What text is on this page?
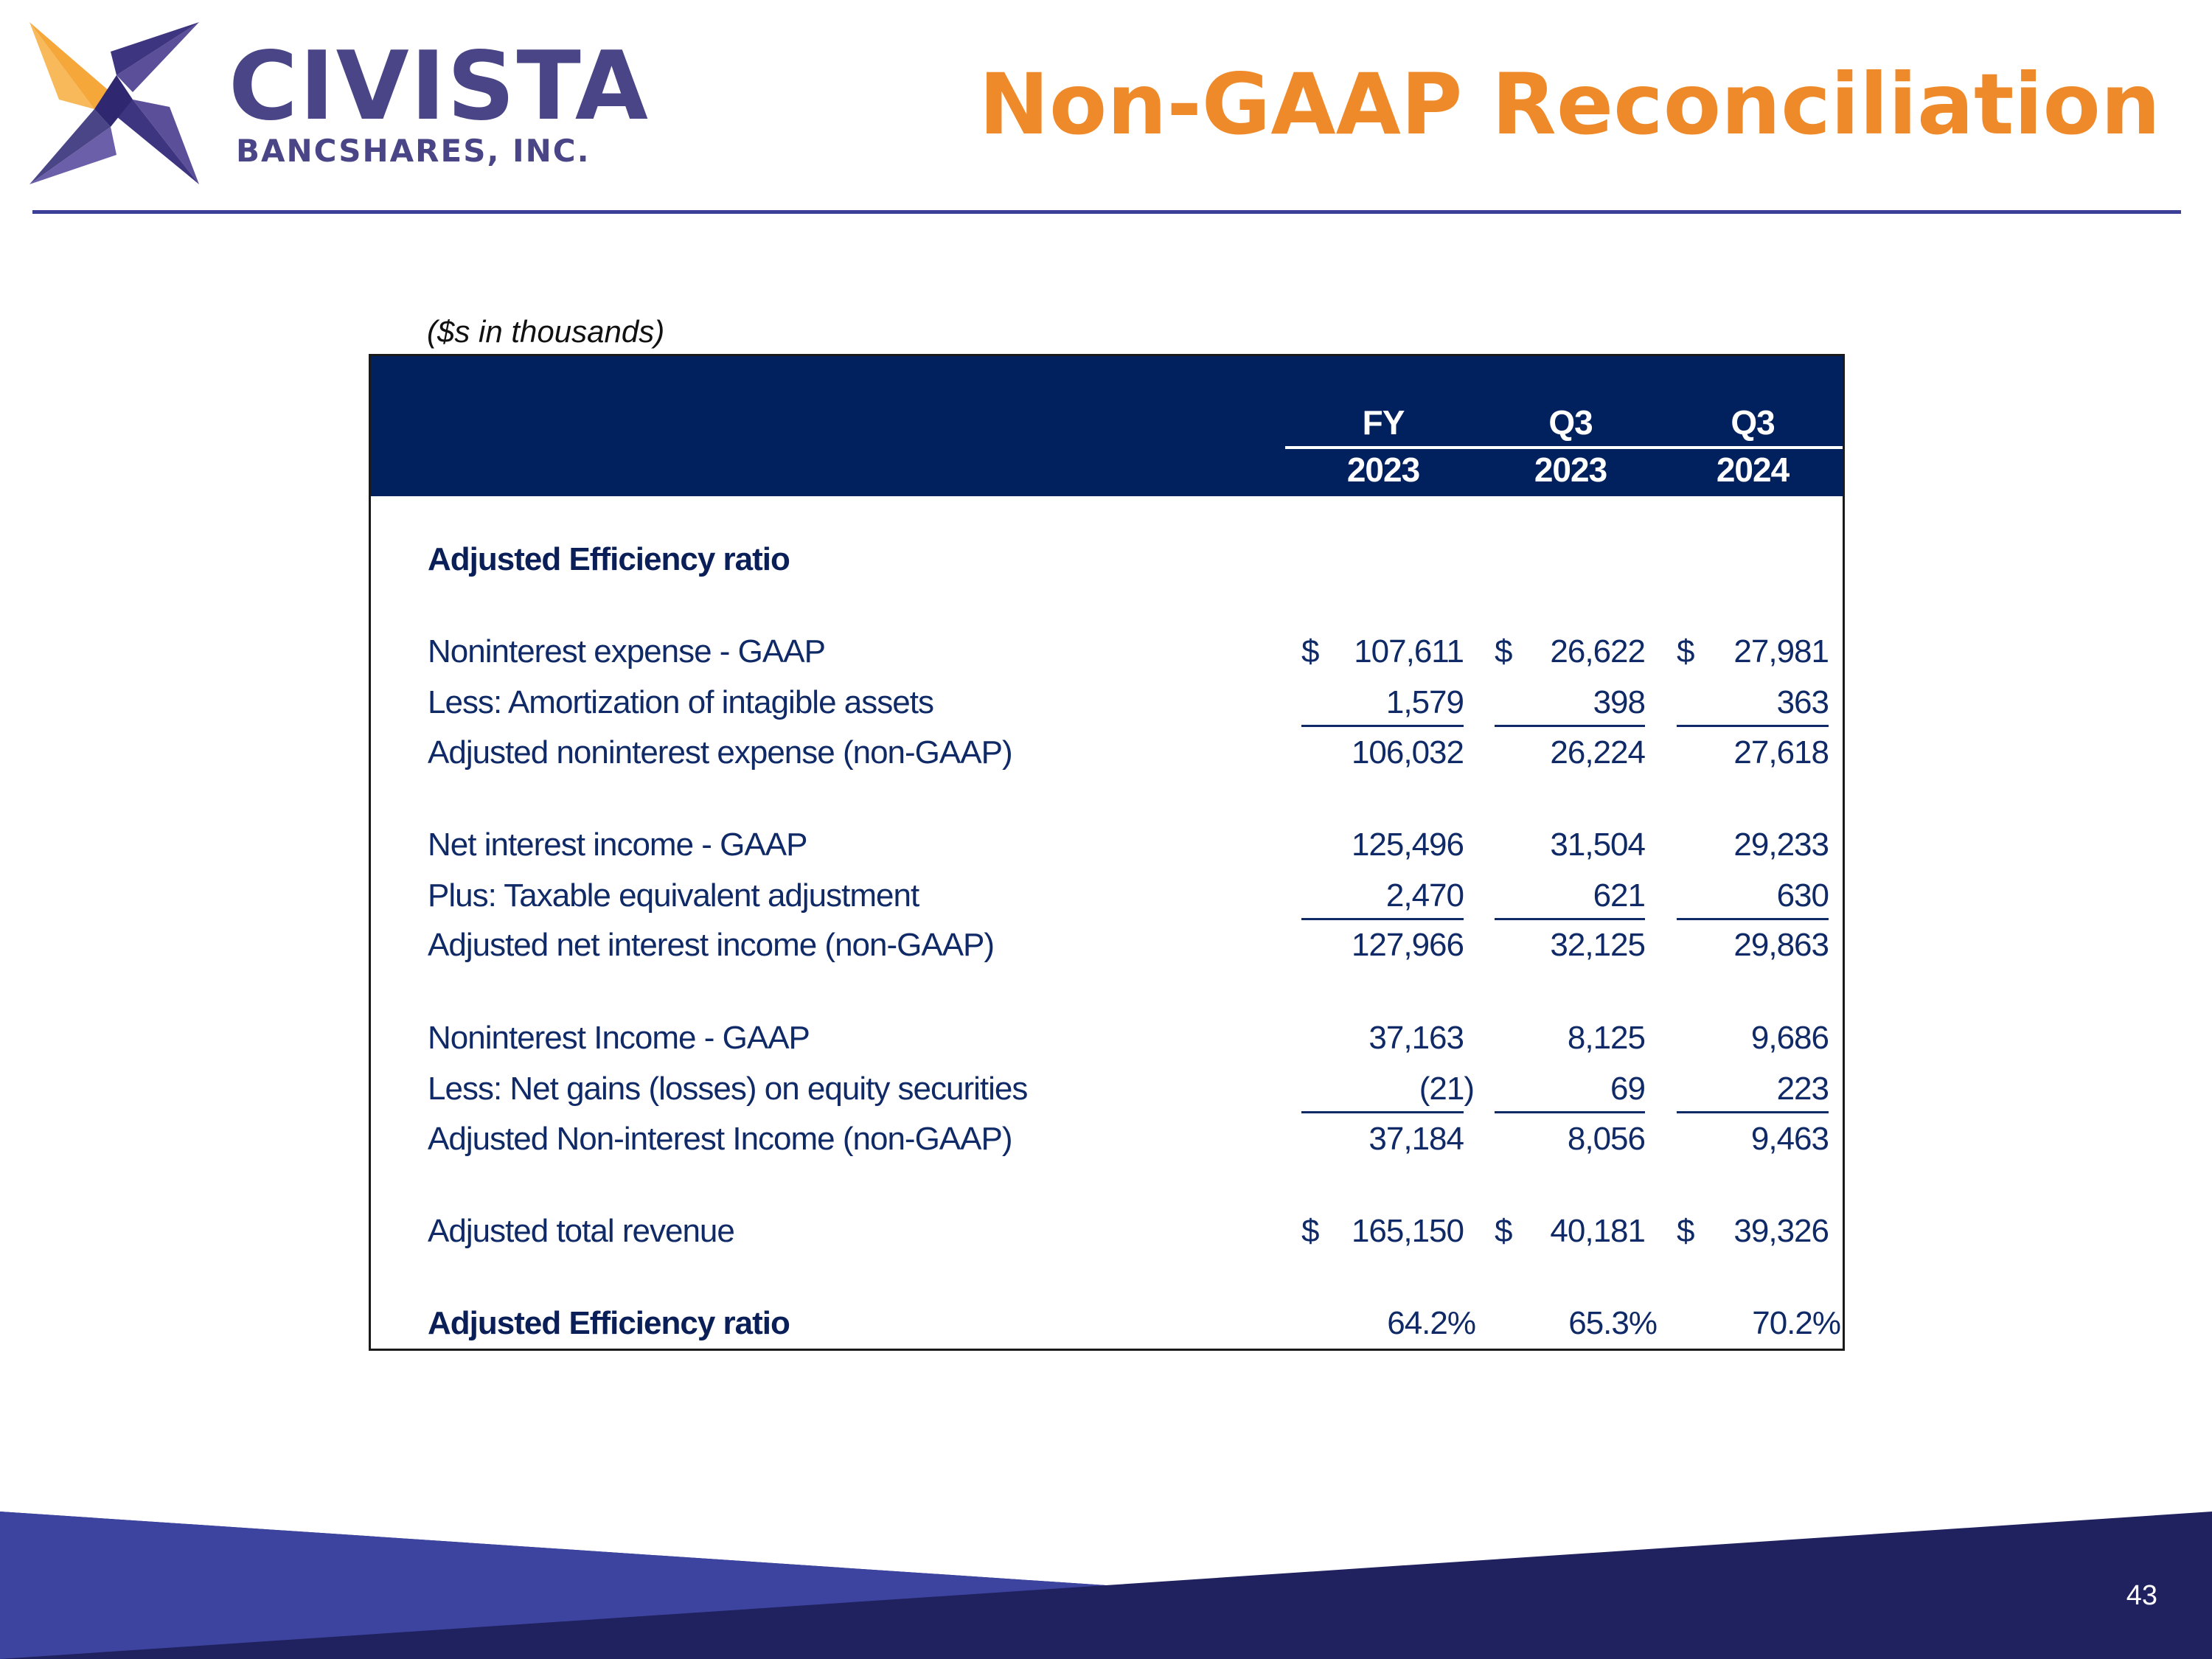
CIVISTA
BANCSHARES, INC.	Non-GAAP Reconciliation
($s in thousands)
FY	Q3	Q3
2023	2023	2024
Adjusted Efficiency ratio
Noninterest expense - GAAP	$ 107,611 $ 26,622 $ 27,981
Less: Amortization of intagible assets	1,579	398	363
Adjusted noninterest expense (non-GAAP)	106,032	26,224	27,618
Net interest income - GAAP	125,496	31,504	29,233
Plus: Taxable equivalent adjustment	2,470	621	630
Adjusted net interest income (non-GAAP)	127,966	32,125	29,863
Noninterest Income - GAAP	37,163	8,125	9,686
Less: Net gains (losses) on equity securities	(21)	69	223
Adjusted Non-interest Income (non-GAAP)	37,184	8,056	9,463
Adjusted total revenue	$ 165,150 $ 40,181 $ 39,326
Adjusted Efficiency ratio	64.2%	65.3%	70.2%
43
